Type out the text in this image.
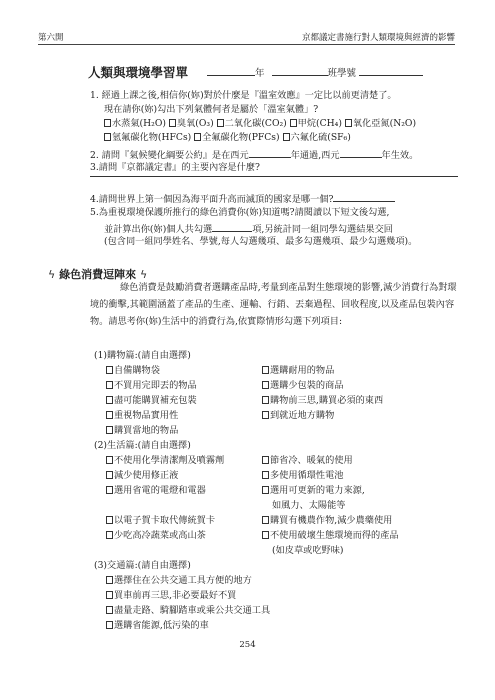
第六開	京都議定書施行對人類環境與經濟的影響
人類與環境學習單	年	班學號
1. 經過上課之後,相信你(妳)對於什麼是『溫室效應』一定比以前更清楚了。
現在請你(妳)勾出下列氣體何者是屬於「溫室氣體」?
水蒸氣(H₂O) 臭氧(O₃) 二氧化碳(CO₂) 甲烷(CH₄) 氧化亞氮(N₂O)
氫氟碳化物(HFCs) 全氟碳化物(PFCs) 六氟化硫(SF₆)
2. 請問『氣候變化綱要公約』是在西元	年通過,西元	年生效。
3.請問『京都議定書』的主要內容是什麼?
4.請問世界上第一個因為海平面升高而滅頂的國家是哪一個?
5.為重視環境保護所推行的綠色消費你(妳)知道嗎?請閱讀以下短文後勾選,
並計算出你(妳)個人共勾選	項,另統計同一組同學勾選結果交回
(包含同一組同學姓名、學號,每人勾選幾項、最多勾選幾項、最少勾選幾項)。
ϟ 綠色消費逗陣來 ϟ
綠色消費是鼓勵消費者選購產品時,考量到產品對生態環境的影響,減少消費行為對環境的衝擊,其範圍涵蓋了產品的生產、運輸、行銷、丟棄過程、回收程度,以及產品包裝內容物。請思考你(妳)生活中的消費行為,依實際情形勾選下列項目:
(1)購物篇:(請自由選擇)
自備購物袋
不買用完即丟的物品
盡可能購買補充包裝
重視物品實用性
購買當地的物品
選購耐用的物品
選購少包裝的商品
購物前三思,購買必須的東西
到就近地方購物
(2)生活篇:(請自由選擇)
不使用化學清潔劑及噴霧劑
減少使用修正液
選用省電的電燈和電器
以電子賀卡取代傳統賀卡
少吃高冷蔬菜或高山茶
節省冷、暖氣的使用
多使用循環性電池
選用可更新的電力來源,
如風力、太陽能等
購買有機農作物,減少農藥使用
不使用破壞生態環境而得的產品
(如皮草或吃野味)
(3)交通篇:(請自由選擇)
選擇住在公共交通工具方便的地方
買車前再三思,非必要最好不買
盡量走路、騎腳踏車或乘公共交通工具
選購省能源,低污染的車
254
